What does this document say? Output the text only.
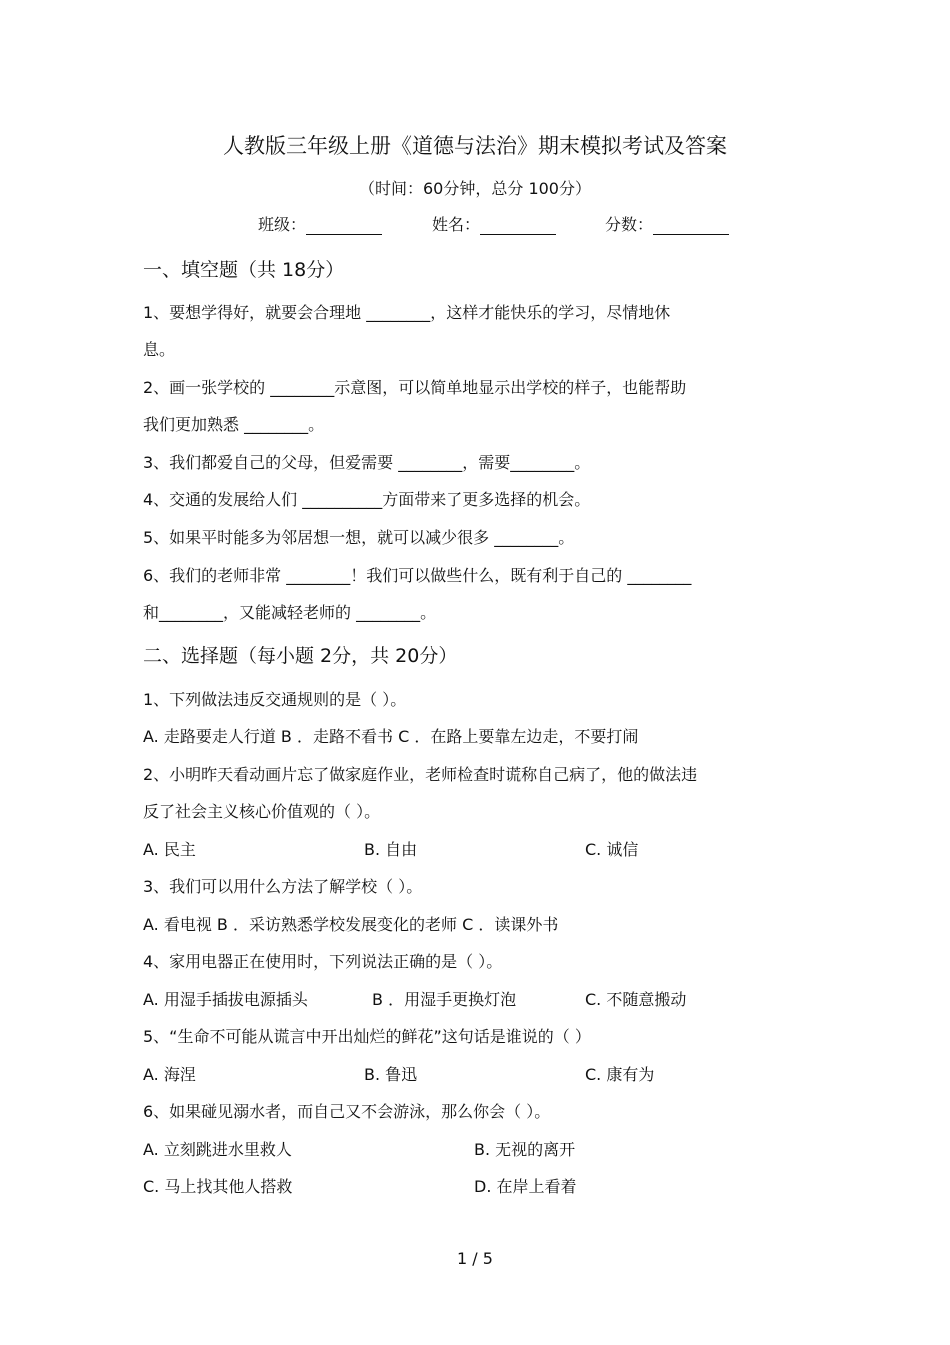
人教版三年级上册《道德与法治》期末模拟考试及答案
（时间：60分钟，总分 100分）
班级：	姓名：	分数：
一、填空题（共 18分）
1、要想学得好，就要会合理地 ________，这样才能快乐的学习，尽情地休
息。
2、画一张学校的 ________示意图，可以简单地显示出学校的样子，也能帮助
我们更加熟悉 ________。
3、我们都爱自己的父母，但爱需要 ________，需要________。
4、交通的发展给人们 __________方面带来了更多选择的机会。
5、如果平时能多为邻居想一想，就可以减少很多 ________。
6、我们的老师非常 ________！我们可以做些什么，既有利于自己的 ________
和________，又能减轻老师的 ________。
二、选择题（每小题 2分，共 20分）
1、下列做法违反交通规则的是（ ）。
A. 走路要走人行道 B ．走路不看书 C ．在路上要靠左边走，不要打闹
2、小明昨天看动画片忘了做家庭作业，老师检查时谎称自己病了，他的做法违
反了社会主义核心价值观的（ ）。
A. 民主	B. 自由	C. 诚信
3、我们可以用什么方法了解学校（ ）。
A. 看电视 B ．采访熟悉学校发展变化的老师 C ．读课外书
4、家用电器正在使用时，下列说法正确的是（ ）。
A. 用湿手插拔电源插头	B ．用湿手更换灯泡	C. 不随意搬动
5、“生命不可能从谎言中开出灿烂的鲜花”这句话是谁说的（ ）
A. 海涅	B. 鲁迅	C. 康有为
6、如果碰见溺水者，而自己又不会游泳，那么你会（ ）。
A. 立刻跳进水里救人	B. 无视的离开
C. 马上找其他人搭救	D. 在岸上看着
1 / 5
